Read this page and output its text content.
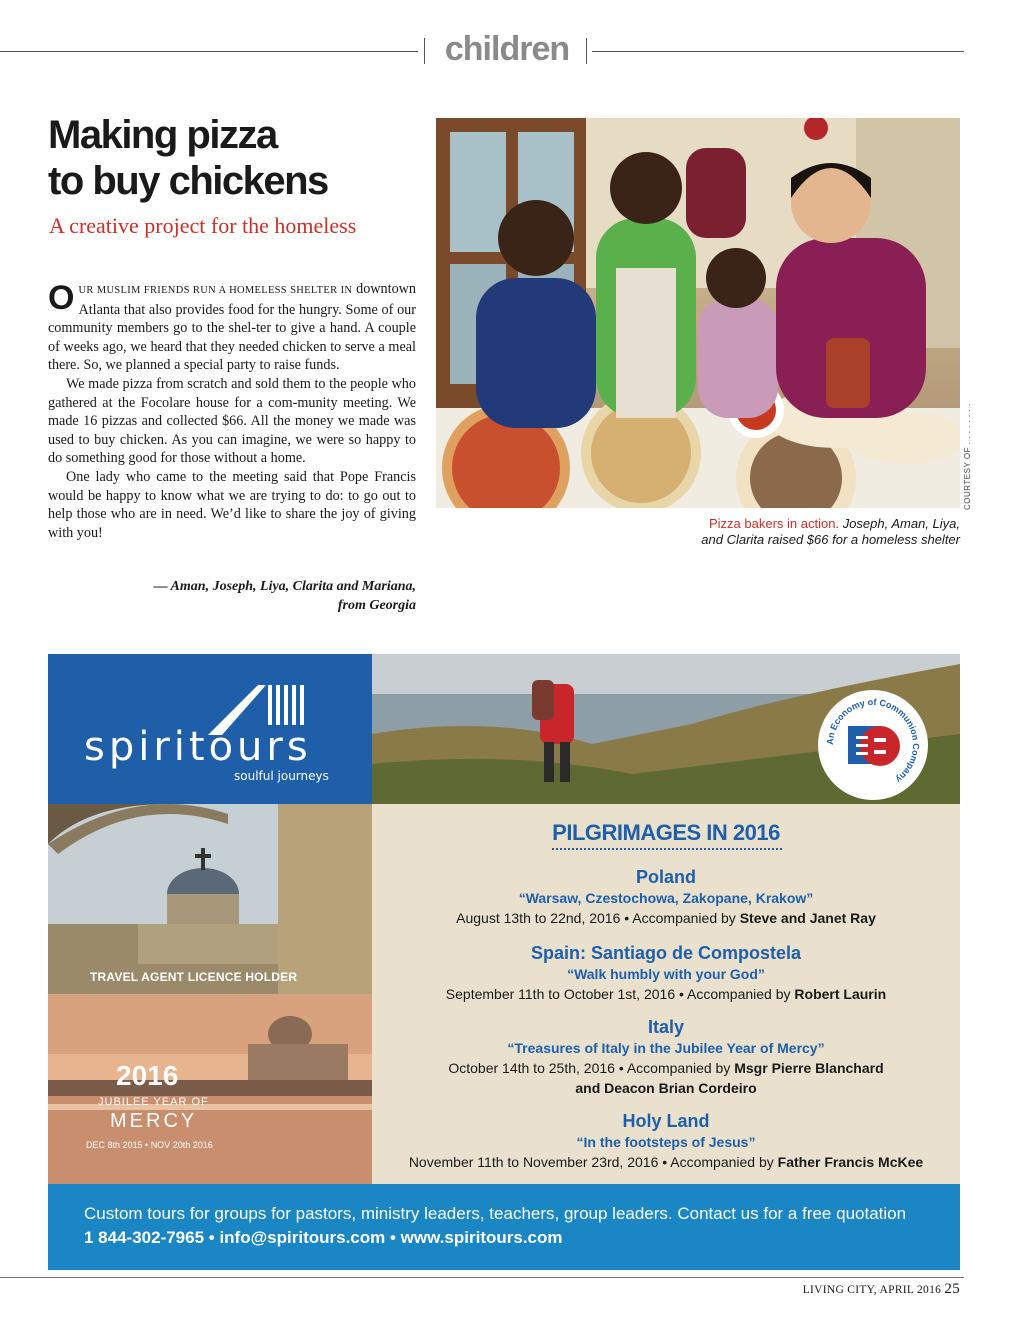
children
Making pizza
to buy chickens
A creative project for the homeless

OUR MUSLIM FRIENDS RUN A HOMELESS SHELTER IN downtown Atlanta that also provides food for the hungry. Some of our community members go to the shel-ter to give a hand. A couple of weeks ago, we heard that they needed chicken to serve a meal there. So, we planned a special party to raise funds.

We made pizza from scratch and sold them to the people who gathered at the Focolare house for a com-munity meeting. We made 16 pizzas and collected $66. All the money we made was used to buy chicken. As you can imagine, we were so happy to do something good for those without a home.

One lady who came to the meeting said that Pope Francis would be happy to know what we are trying to do: to go out to help those who are in need. We’d like to share the joy of giving with you!

— Aman, Joseph, Liya, Clarita and Mariana,
from Georgia
COURTESY OF . . . . . . . .
Pizza bakers in action. Joseph, Aman, Liya,
and Clarita raised $66 for a homeless shelter
spiritours
soulful journeys
An Economy of Communion Company
TRAVEL AGENT LICENCE HOLDER
2016
JUBILEE YEAR OF
MERCY
DEC 8th 2015 • NOV 20th 2016
PILGRIMAGES IN 2016
Poland
“Warsaw, Czestochowa, Zakopane, Krakow”
August 13th to 22nd, 2016 • Accompanied by Steve and Janet Ray
Spain: Santiago de Compostela
“Walk humbly with your God”
September 11th to October 1st, 2016 • Accompanied by Robert Laurin
Italy
“Treasures of Italy in the Jubilee Year of Mercy”
October 14th to 25th, 2016 • Accompanied by Msgr Pierre Blanchard
and Deacon Brian Cordeiro
Holy Land
“In the footsteps of Jesus”
November 11th to November 23rd, 2016 • Accompanied by Father Francis McKee
Custom tours for groups for pastors, ministry leaders, teachers, group leaders. Contact us for a free quotation
1 844-302-7965 • info@spiritours.com • www.spiritours.com
LIVING CITY, APRIL 2016 25
